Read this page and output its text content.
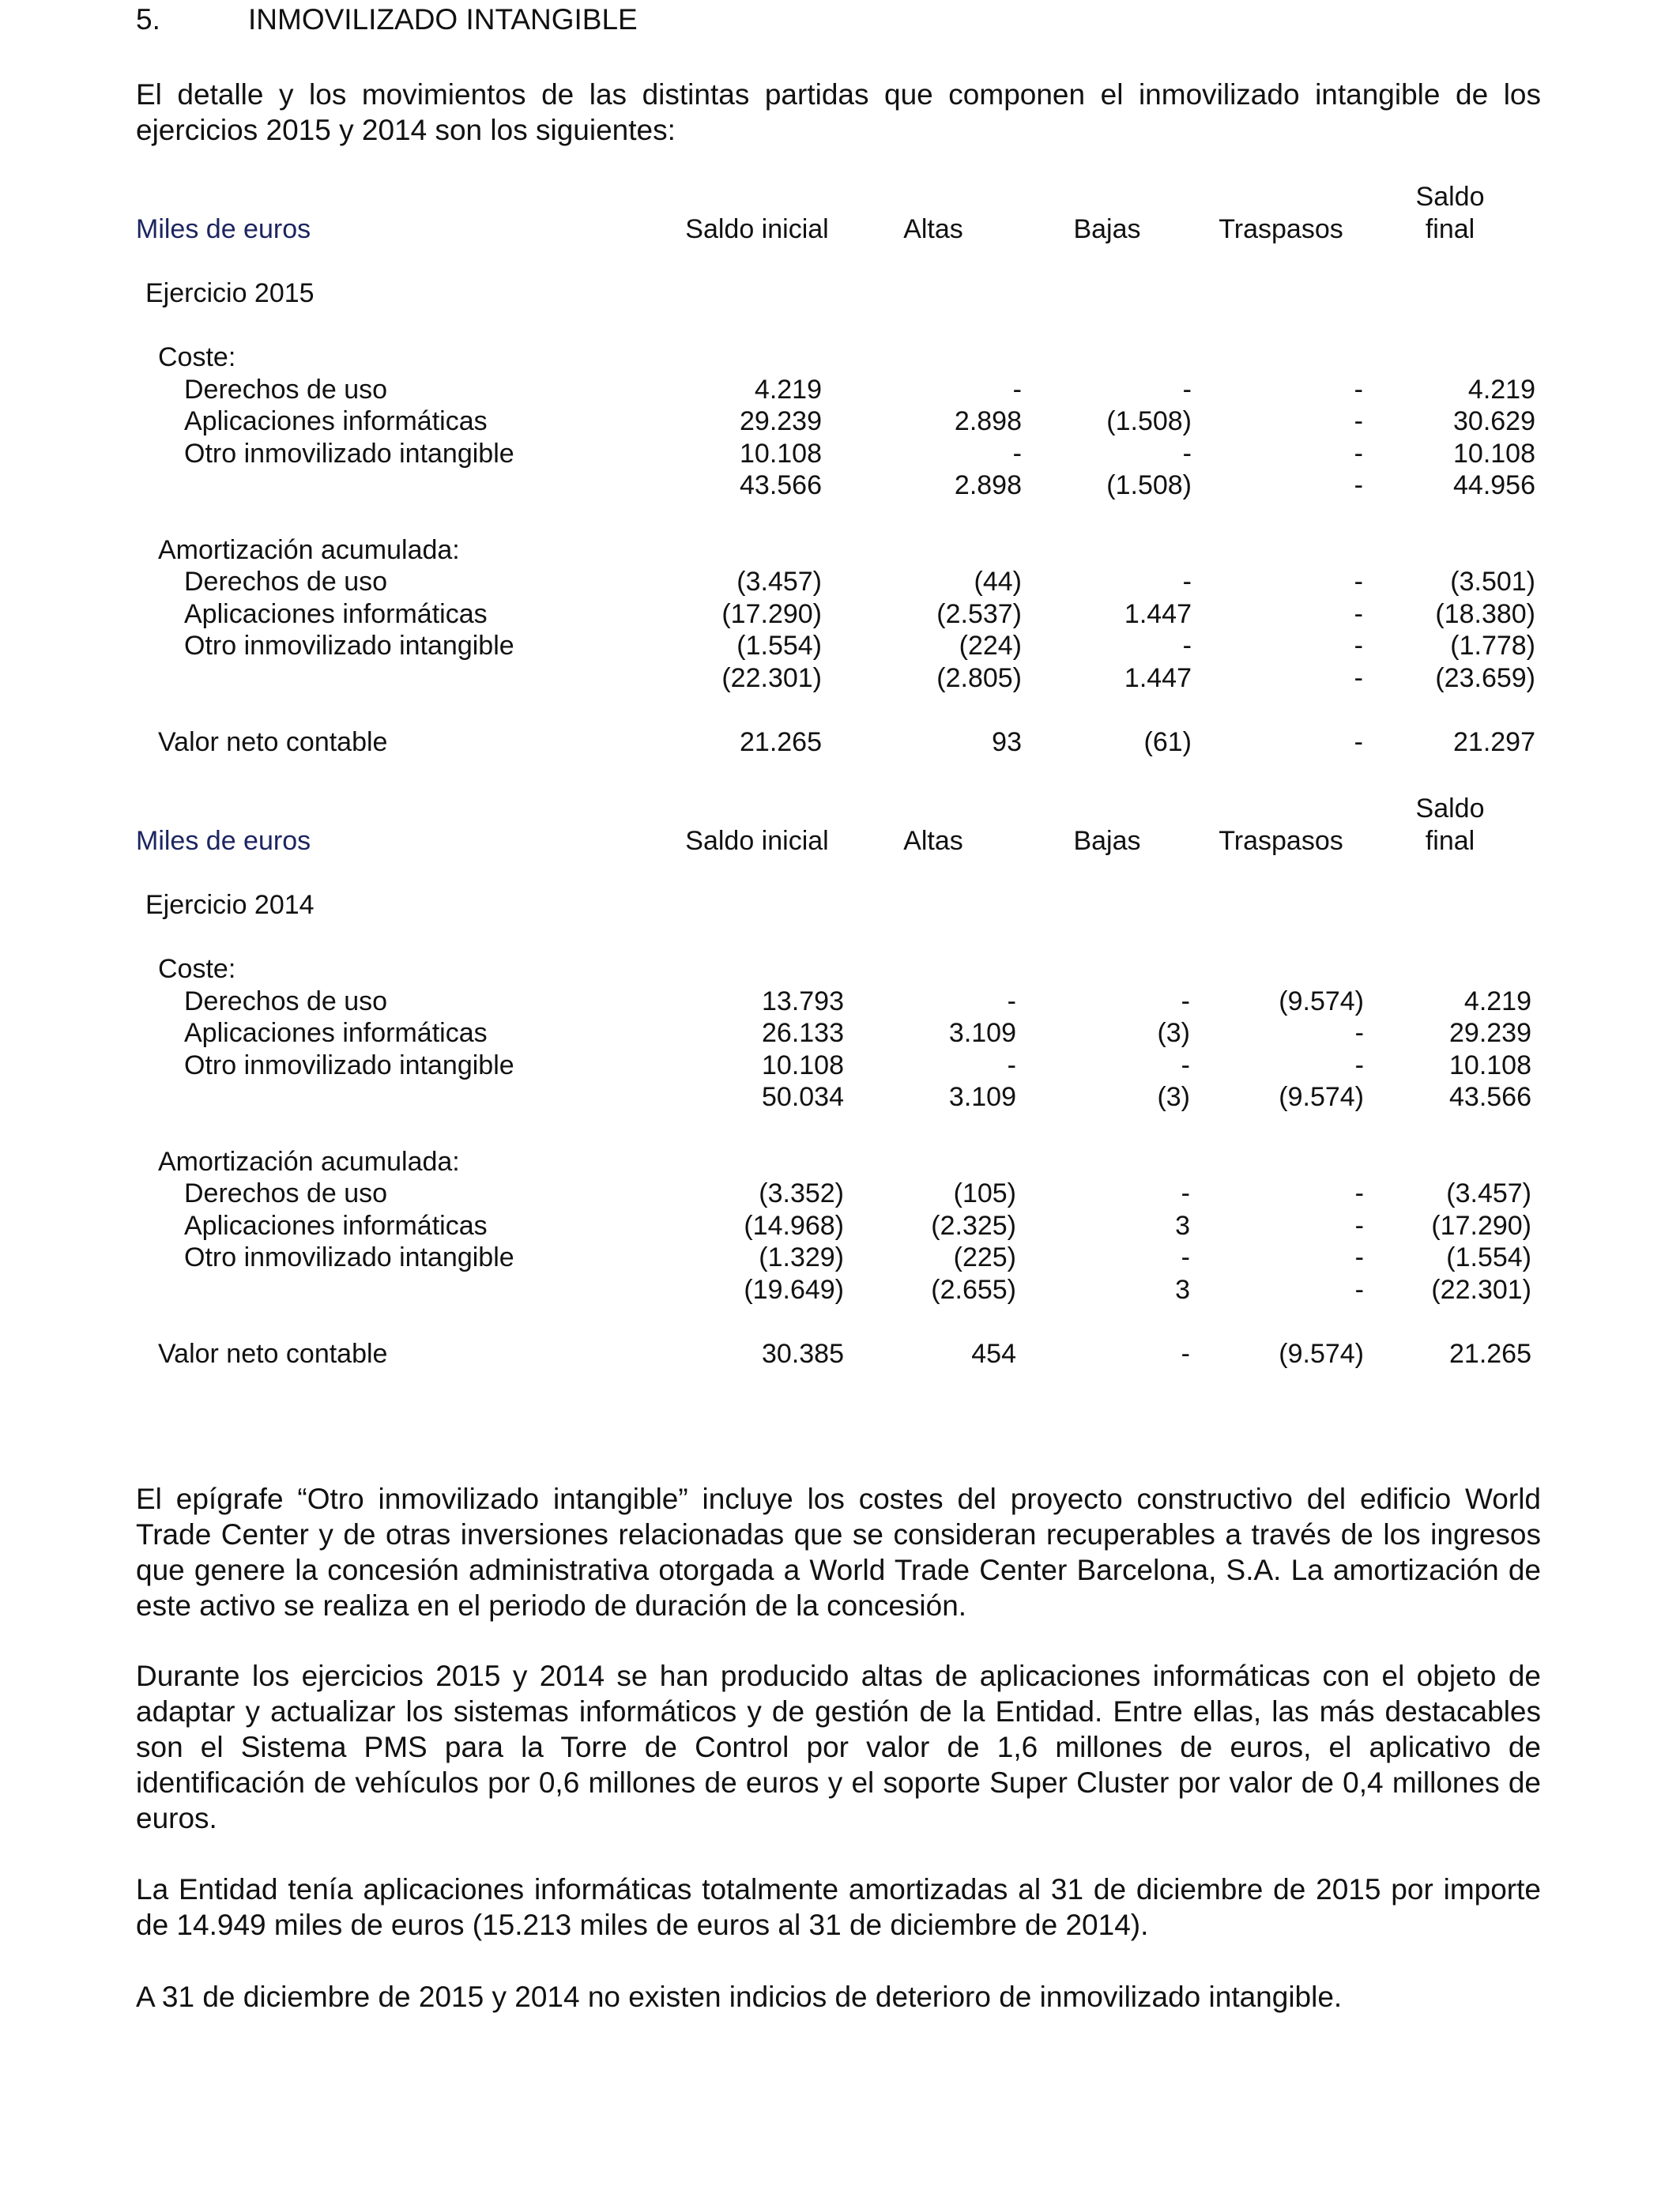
5.	INMOVILIZADO INTANGIBLE

El detalle y los movimientos de las distintas partidas que componen el inmovilizado intangible de los ejercicios 2015 y 2014 son los siguientes:

Miles de euros	Saldo inicial	Altas	Bajas	Traspasos
Saldo
final
Ejercicio 2015
Coste:
Derechos de uso	4.219	-	-	-	4.219
Aplicaciones informáticas	29.239	2.898	(1.508)	-	30.629
Otro inmovilizado intangible	10.108	-	-	-	10.108
43.566	2.898	(1.508)	-	44.956
Amortización acumulada:
Derechos de uso	(3.457)	(44)	-	-	(3.501)
Aplicaciones informáticas	(17.290)	(2.537)	1.447	-	(18.380)
Otro inmovilizado intangible	(1.554)	(224)	-	-	(1.778)
(22.301)	(2.805)	1.447	-	(23.659)
Valor neto contable	21.265	93	(61)	-	21.297
Miles de euros	Saldo inicial	Altas	Bajas	Traspasos
Saldo
final
Ejercicio 2014
Coste:
Derechos de uso	13.793	-	-	(9.574)	4.219
Aplicaciones informáticas	26.133	3.109	(3)	-	29.239
Otro inmovilizado intangible	10.108	-	-	-	10.108
50.034	3.109	(3)	(9.574)	43.566
Amortización acumulada:
Derechos de uso	(3.352)	(105)	-	-	(3.457)
Aplicaciones informáticas	(14.968)	(2.325)	3	-	(17.290)
Otro inmovilizado intangible	(1.329)	(225)	-	-	(1.554)
(19.649)	(2.655)	3	-	(22.301)
Valor neto contable	30.385	454	-	(9.574)	21.265

El epígrafe “Otro inmovilizado intangible” incluye los costes del proyecto constructivo del edificio World Trade Center y de otras inversiones relacionadas que se consideran recuperables a través de los ingresos que genere la concesión administrativa otorgada a World Trade Center Barcelona, S.A. La amortización de este activo se realiza en el periodo de duración de la concesión.

Durante los ejercicios 2015 y 2014 se han producido altas de aplicaciones informáticas con el objeto de adaptar y actualizar los sistemas informáticos y de gestión de la Entidad. Entre ellas, las más destacables son el Sistema PMS para la Torre de Control por valor de 1,6 millones de euros, el aplicativo de identificación de vehículos por 0,6 millones de euros y el soporte Super Cluster por valor de 0,4 millones de euros.

La Entidad tenía aplicaciones informáticas totalmente amortizadas al 31 de diciembre de 2015 por importe de 14.949 miles de euros (15.213 miles de euros al 31 de diciembre de 2014).

A 31 de diciembre de 2015 y 2014 no existen indicios de deterioro de inmovilizado intangible.
